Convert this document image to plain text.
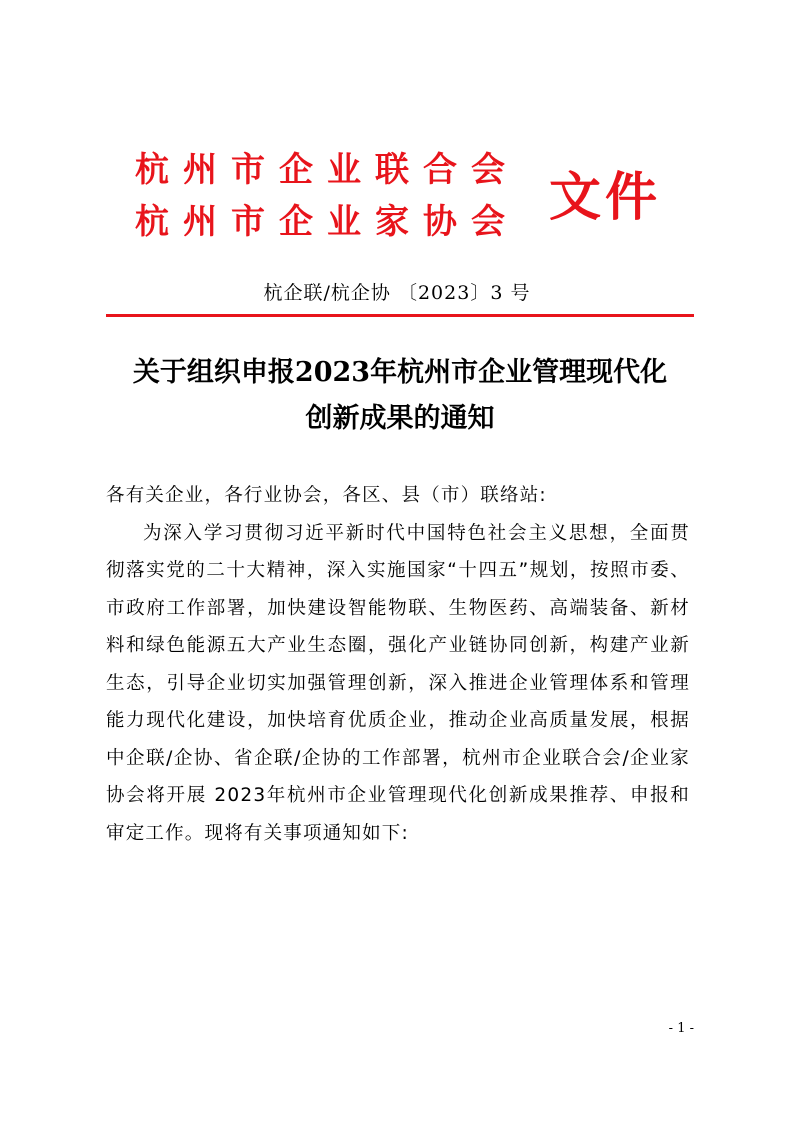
杭州市企业联合会
杭州市企业家协会 文件
杭企联/杭企协 〔2023〕3 号
关于组织申报2023年杭州市企业管理现代化
创新成果的通知

各有关企业，各行业协会，各区、县（市）联络站:

为深入学习贯彻习近平新时代中国特色社会主义思想，全面贯彻落实党的二十大精神，深入实施国家“十四五”规划，按照市委、市政府工作部署，加快建设智能物联、生物医药、高端装备、新材料和绿色能源五大产业生态圈，强化产业链协同创新，构建产业新生态，引导企业切实加强管理创新，深入推进企业管理体系和管理能力现代化建设，加快培育优质企业，推动企业高质量发展，根据中企联/企协、省企联/企协的工作部署，杭州市企业联合会/企业家协会将开展 2023年杭州市企业管理现代化创新成果推荐、申报和审定工作。现将有关事项通知如下:

- 1 -
